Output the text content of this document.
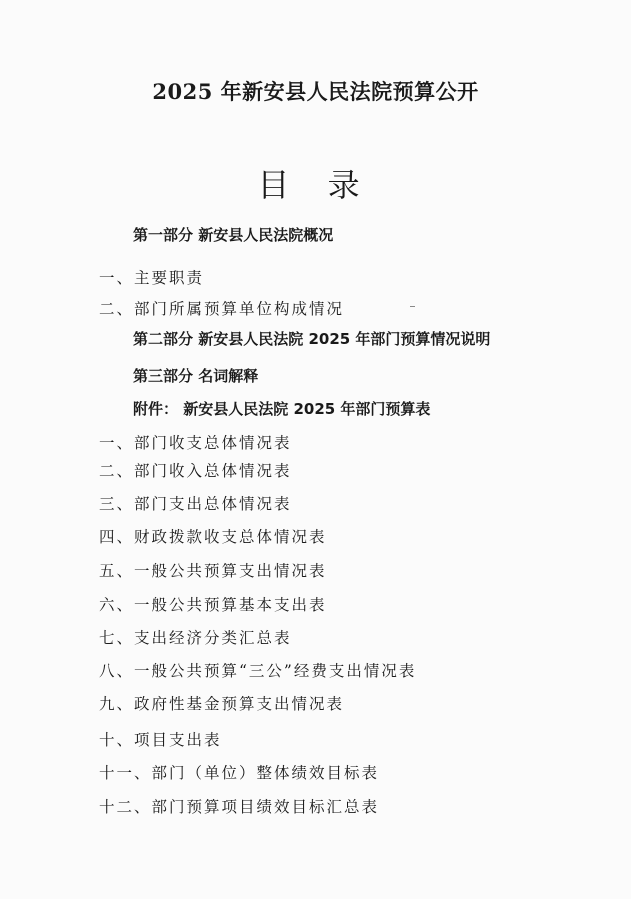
2025 年新安县人民法院预算公开
目 录
第一部分 新安县人民法院概况
一、主要职责
二、部门所属预算单位构成情况
第二部分 新安县人民法院 2025 年部门预算情况说明
第三部分 名词解释
附件： 新安县人民法院 2025 年部门预算表
一、部门收支总体情况表
二、部门收入总体情况表
三、部门支出总体情况表
四、财政拨款收支总体情况表
五、一般公共预算支出情况表
六、一般公共预算基本支出表
七、支出经济分类汇总表
八、一般公共预算“三公”经费支出情况表
九、政府性基金预算支出情况表
十、项目支出表
十一、部门（单位）整体绩效目标表
十二、部门预算项目绩效目标汇总表
